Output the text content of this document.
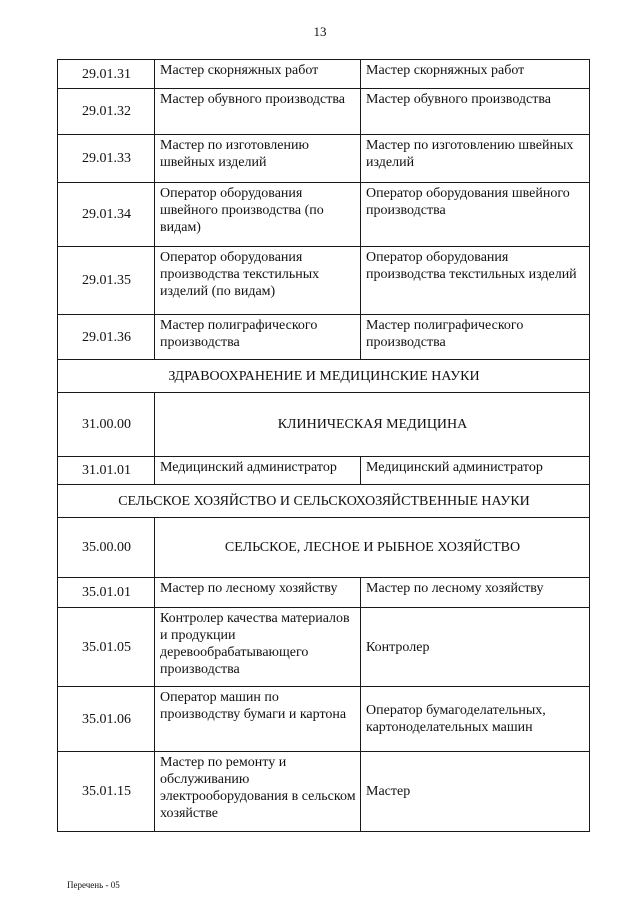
13
29.01.31	Мастер скорняжных работ	Мастер скорняжных работ
29.01.32	Мастер обувного производства	Мастер обувного производства
29.01.33	Мастер по изготовлению швейных изделий	Мастер по изготовлению швейных изделий
29.01.34	Оператор оборудования швейного производства (по видам)	Оператор оборудования швейного производства
29.01.35	Оператор оборудования производства текстильных изделий (по видам)	Оператор оборудования производства текстильных изделий
29.01.36	Мастер полиграфического производства	Мастер полиграфического производства
ЗДРАВООХРАНЕНИЕ И МЕДИЦИНСКИЕ НАУКИ		
31.00.00	КЛИНИЧЕСКАЯ МЕДИЦИНА	
31.01.01	Медицинский администратор	Медицинский администратор
СЕЛЬСКОЕ ХОЗЯЙСТВО И СЕЛЬСКОХОЗЯЙСТВЕННЫЕ НАУКИ		
35.00.00	СЕЛЬСКОЕ, ЛЕСНОЕ И РЫБНОЕ ХОЗЯЙСТВО	
35.01.01	Мастер по лесному хозяйству	Мастер по лесному хозяйству
35.01.05	Контролер качества материалов и продукции деревообрабатывающего производства	Контролер
35.01.06	Оператор машин по производству бумаги и картона	Оператор бумагоделательных, картоноделательных машин
35.01.15	Мастер по ремонту и обслуживанию электрооборудования в сельском хозяйстве	Мастер
Перечень - 05
